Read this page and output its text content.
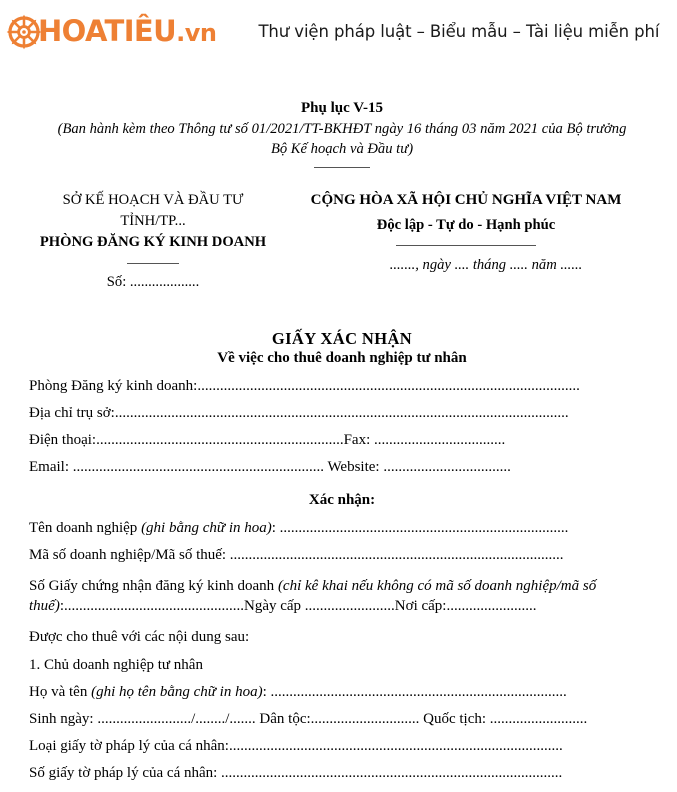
HOATIÊU.vn	Thư viện pháp luật – Biểu mẫu – Tài liệu miễn phí
Phụ lục V-15
(Ban hành kèm theo Thông tư số 01/2021/TT-BKHĐT ngày 16 tháng 03 năm 2021 của Bộ trưởng Bộ Kế hoạch và Đầu tư)
SỞ KẾ HOẠCH VÀ ĐẦU TƯ TỈNH/TP...
PHÒNG ĐĂNG KÝ KINH DOANH
Số: ...................
CỘNG HÒA XÃ HỘI CHỦ NGHĨA VIỆT NAM
Độc lập - Tự do - Hạnh phúc
......., ngày .... tháng ..... năm ......
GIẤY XÁC NHẬN
Về việc cho thuê doanh nghiệp tư nhân
Phòng Đăng ký kinh doanh:......................................................................................................
Địa chỉ trụ sở:.........................................................................................................................
Điện thoại:..................................................................Fax: ...................................
Email: ................................................................... Website: ..................................
Xác nhận:
Tên doanh nghiệp (ghi bằng chữ in hoa): .............................................................................
Mã số doanh nghiệp/Mã số thuế: .........................................................................................
Số Giấy chứng nhận đăng ký kinh doanh (chỉ kê khai nếu không có mã số doanh nghiệp/mã số thuế):................................................Ngày cấp ........................Nơi cấp:........................
Được cho thuê với các nội dung sau:
1. Chủ doanh nghiệp tư nhân
Họ và tên (ghi họ tên bằng chữ in hoa): ...............................................................................
Sinh ngày: ........................./......../....... Dân tộc:............................. Quốc tịch: ..........................
Loại giấy tờ pháp lý của cá nhân:.........................................................................................
Số giấy tờ pháp lý của cá nhân: ...........................................................................................
